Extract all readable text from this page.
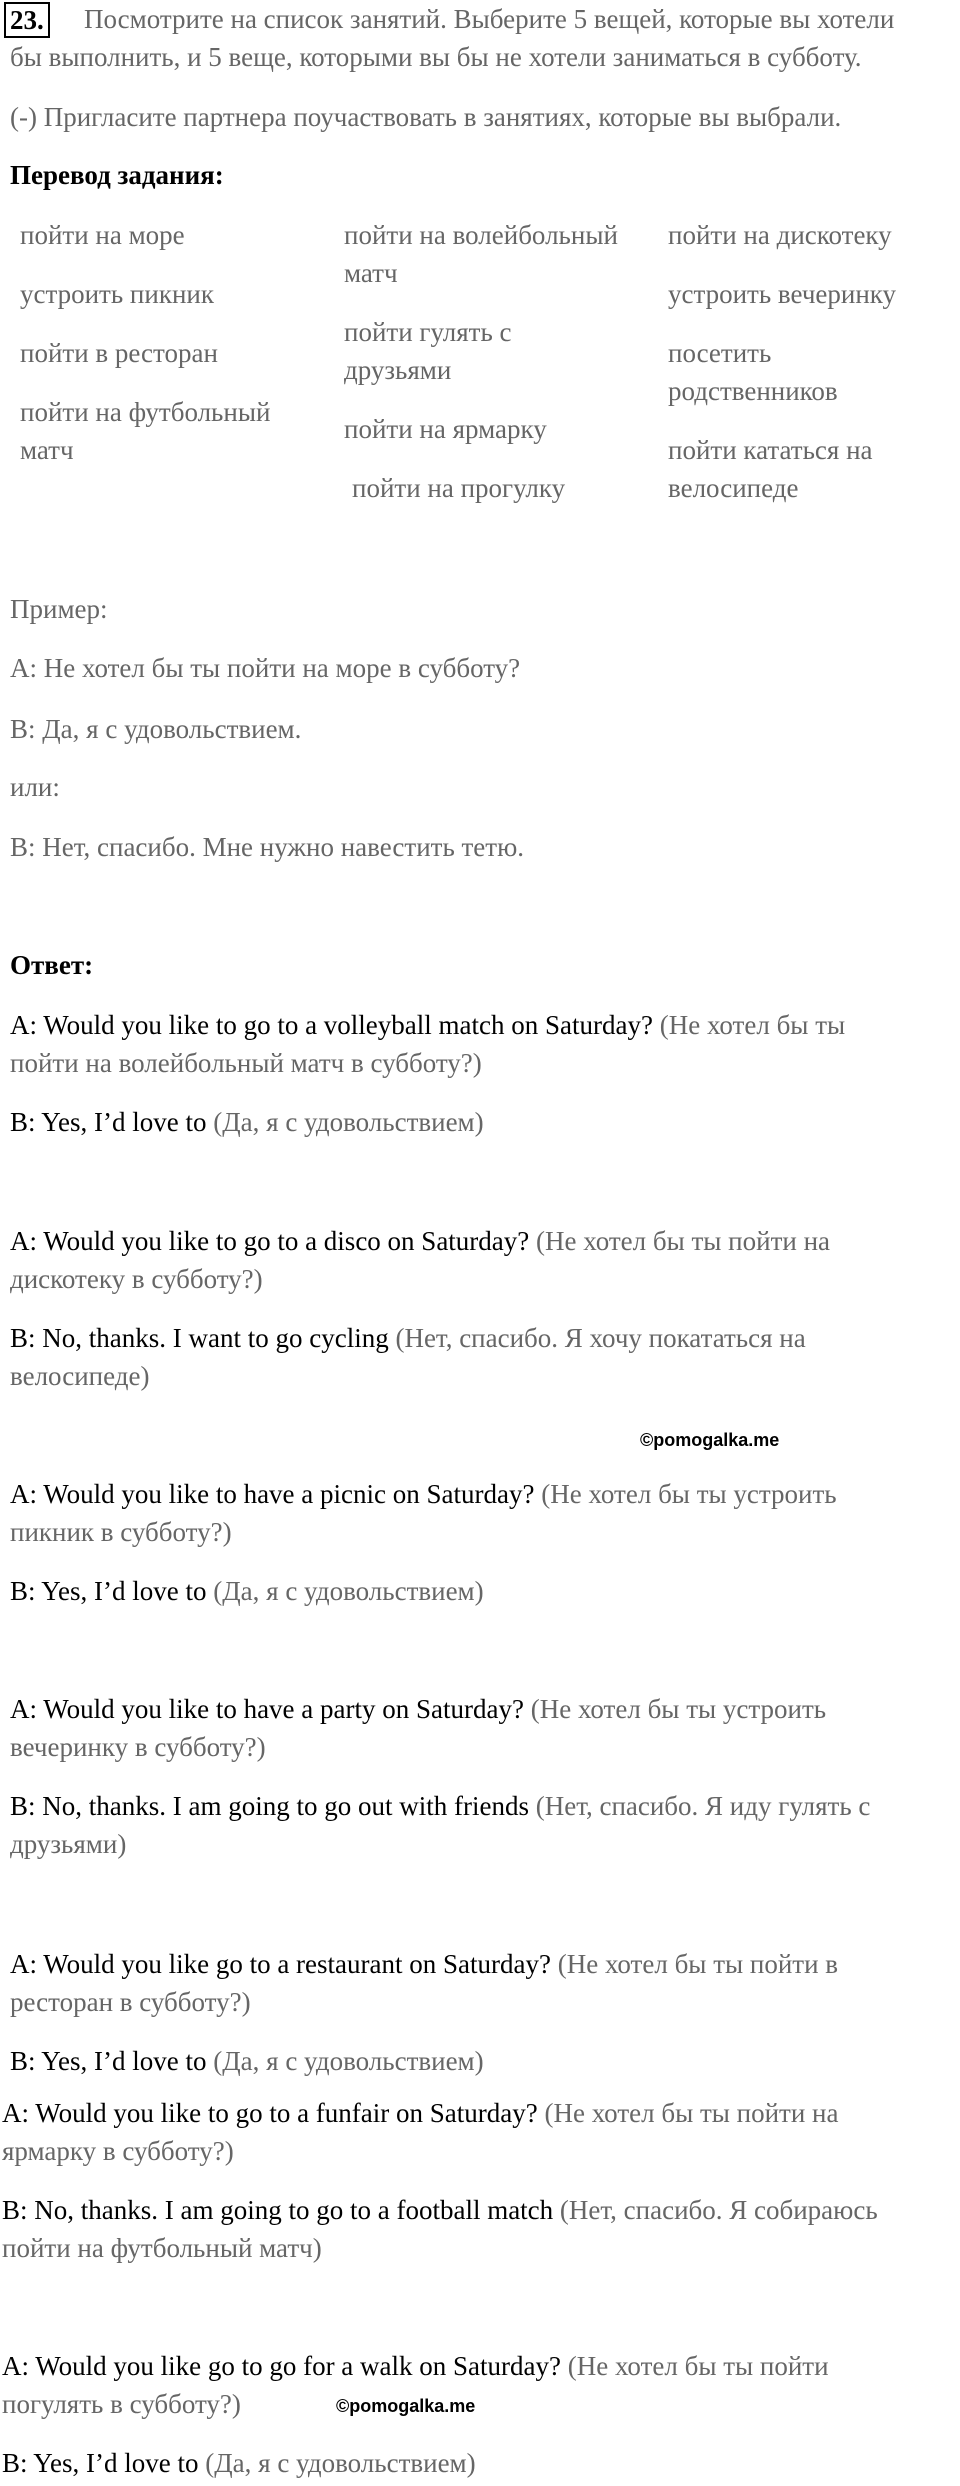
23. Посмотрите на список занятий. Выберите 5 вещей, которые вы хотели
бы выполнить, и 5 веще, которыми вы бы не хотели заниматься в субботу.
(-) Пригласите партнера поучаствовать в занятиях, которые вы выбрали.
Перевод задания:
пойти на море
устроить пикник
пойти в ресторан
пойти на футбольный
матч
пойти на волейбольный
матч
пойти гулять с
друзьями
пойти на ярмарку
пойти на прогулку
пойти на дискотеку
устроить вечеринку
посетить
родственников
пойти кататься на
велосипеде
Пример:
А: Не хотел бы ты пойти на море в субботу?
В: Да, я с удовольствием.
или:
В: Нет, спасибо. Мне нужно навестить тетю.
Ответ:
A: Would you like to go to a volleyball match on Saturday? (Не хотел бы ты
пойти на волейбольный матч в субботу?)
B: Yes, I’d love to (Да, я с удовольствием)
A: Would you like to go to a disco on Saturday? (Не хотел бы ты пойти на
дискотеку в субботу?)
B: No, thanks. I want to go cycling (Нет, спасибо. Я хочу покататься на
велосипеде)
©pomogalka.me
A: Would you like to have a picnic on Saturday? (Не хотел бы ты устроить
пикник в субботу?)
B: Yes, I’d love to (Да, я с удовольствием)
A: Would you like to have a party on Saturday? (Не хотел бы ты устроить
вечеринку в субботу?)
B: No, thanks. I am going to go out with friends (Нет, спасибо. Я иду гулять с
друзьями)
A: Would you like go to a restaurant on Saturday? (Не хотел бы ты пойти в
ресторан в субботу?)
B: Yes, I’d love to (Да, я с удовольствием)
A: Would you like to go to a funfair on Saturday? (Не хотел бы ты пойти на
ярмарку в субботу?)
B: No, thanks. I am going to go to a football match (Нет, спасибо. Я собираюсь
пойти на футбольный матч)
A: Would you like go to go for a walk on Saturday? (Не хотел бы ты пойти
погулять в субботу?)	©pomogalka.me
B: Yes, I’d love to (Да, я с удовольствием)
